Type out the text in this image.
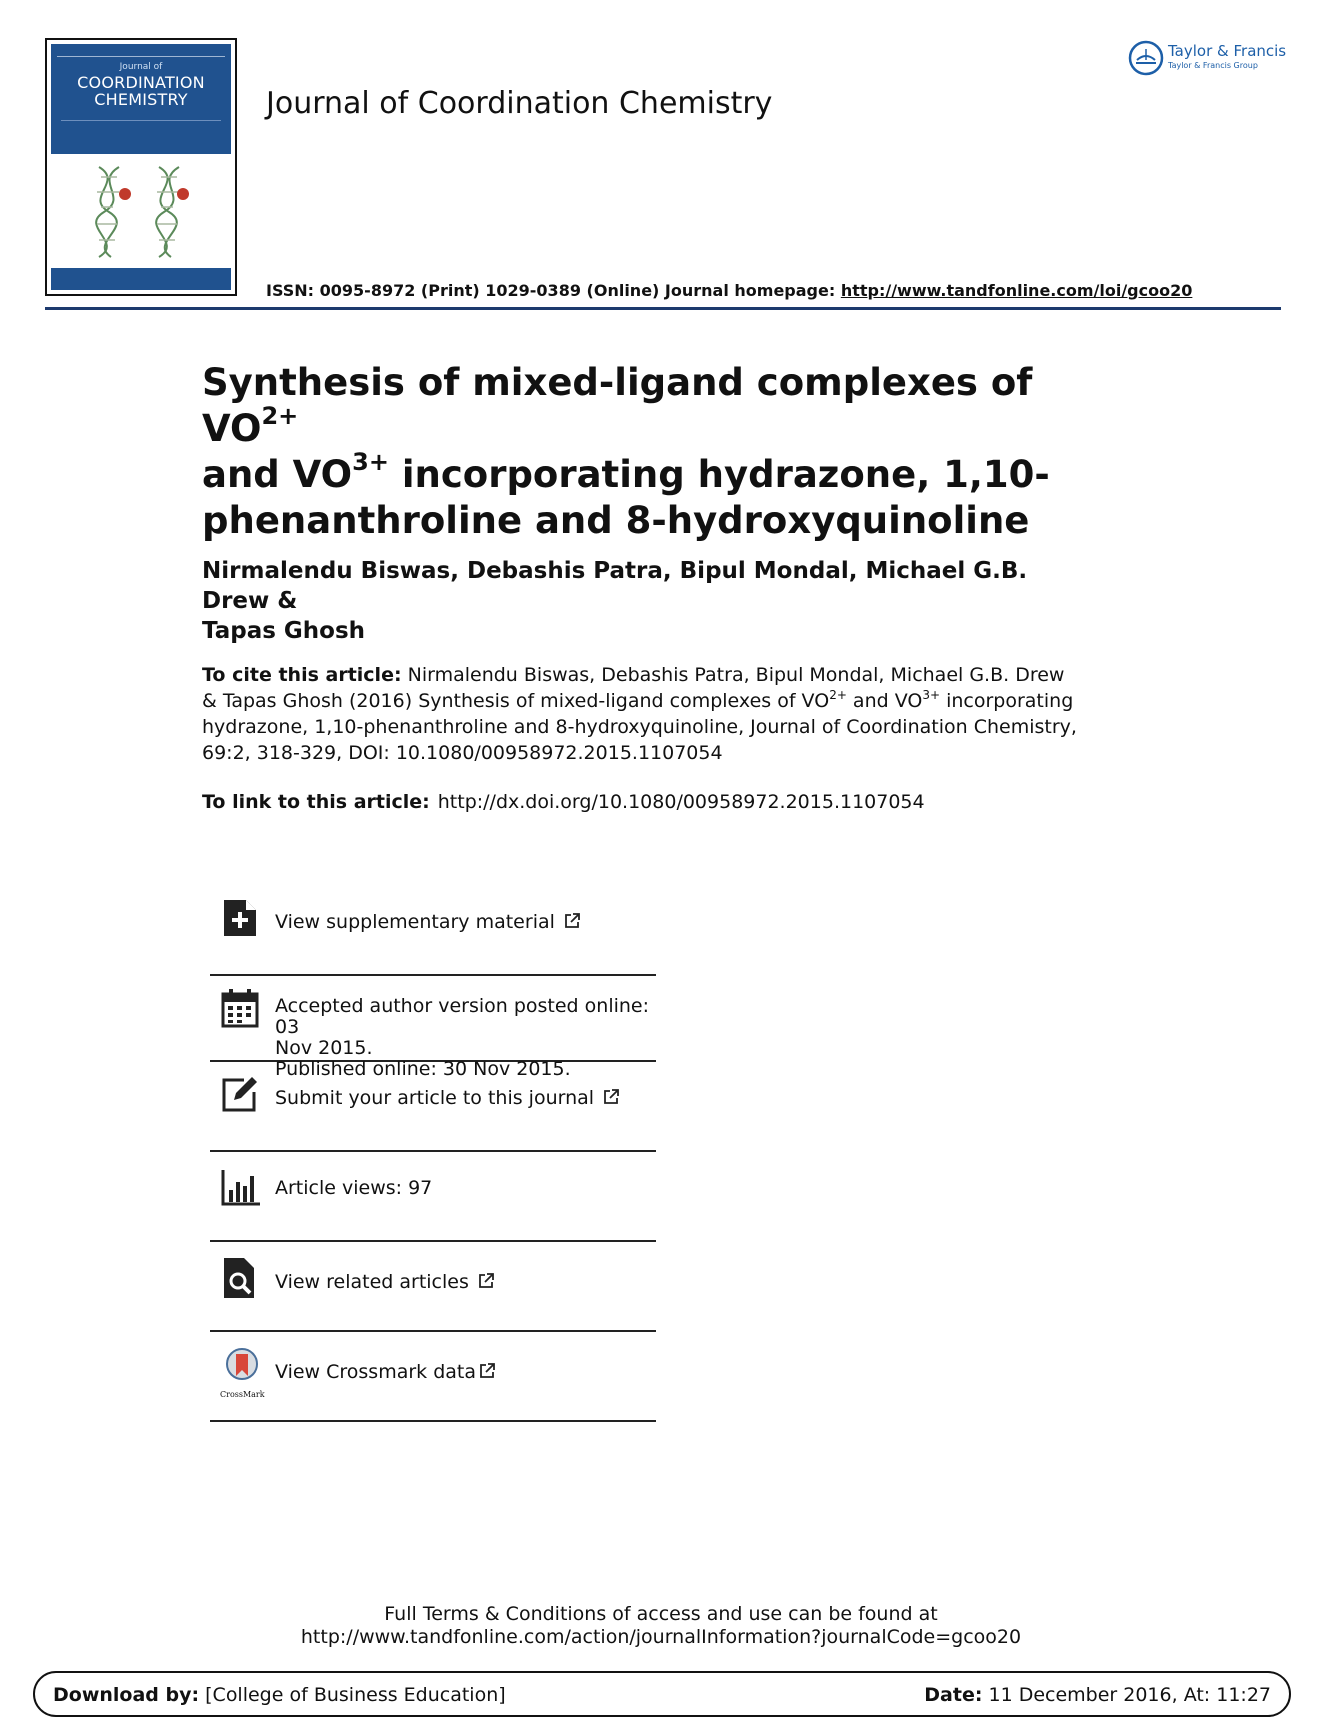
Journal of
COORDINATION
CHEMISTRY	Journal of Coordination Chemistry
Taylor & Francis
Taylor & Francis Group
ISSN: 0095-8972 (Print) 1029-0389 (Online) Journal homepage: http://www.tandfonline.com/loi/gcoo20
Synthesis of mixed-ligand complexes of $VO^{2+}$
and $VO^{3+}$ incorporating hydrazone, 1,10-
phenanthroline and 8-hydroxyquinoline
Nirmalendu Biswas, Debashis Patra, Bipul Mondal, Michael G.B. Drew &
Tapas Ghosh
To cite this article: Nirmalendu Biswas, Debashis Patra, Bipul Mondal, Michael G.B. Drew
& Tapas Ghosh (2016) Synthesis of mixed-ligand complexes of $VO^{2+}$ and $VO^{3+}$ incorporating
hydrazone, 1,10-phenanthroline and 8-hydroxyquinoline, Journal of Coordination Chemistry,
69:2, 318-329, DOI: 10.1080/00958972.2015.1107054
To link to this article: http://dx.doi.org/10.1080/00958972.2015.1107054
View supplementary material
Accepted author version posted online: 03
Nov 2015.
Published online: 30 Nov 2015.
Submit your article to this journal
Article views: 97
View related articles
CrossMark
View Crossmark data
Full Terms & Conditions of access and use can be found at
http://www.tandfonline.com/action/journalInformation?journalCode=gcoo20
Download by: [College of Business Education]	Date: 11 December 2016, At: 11:27
